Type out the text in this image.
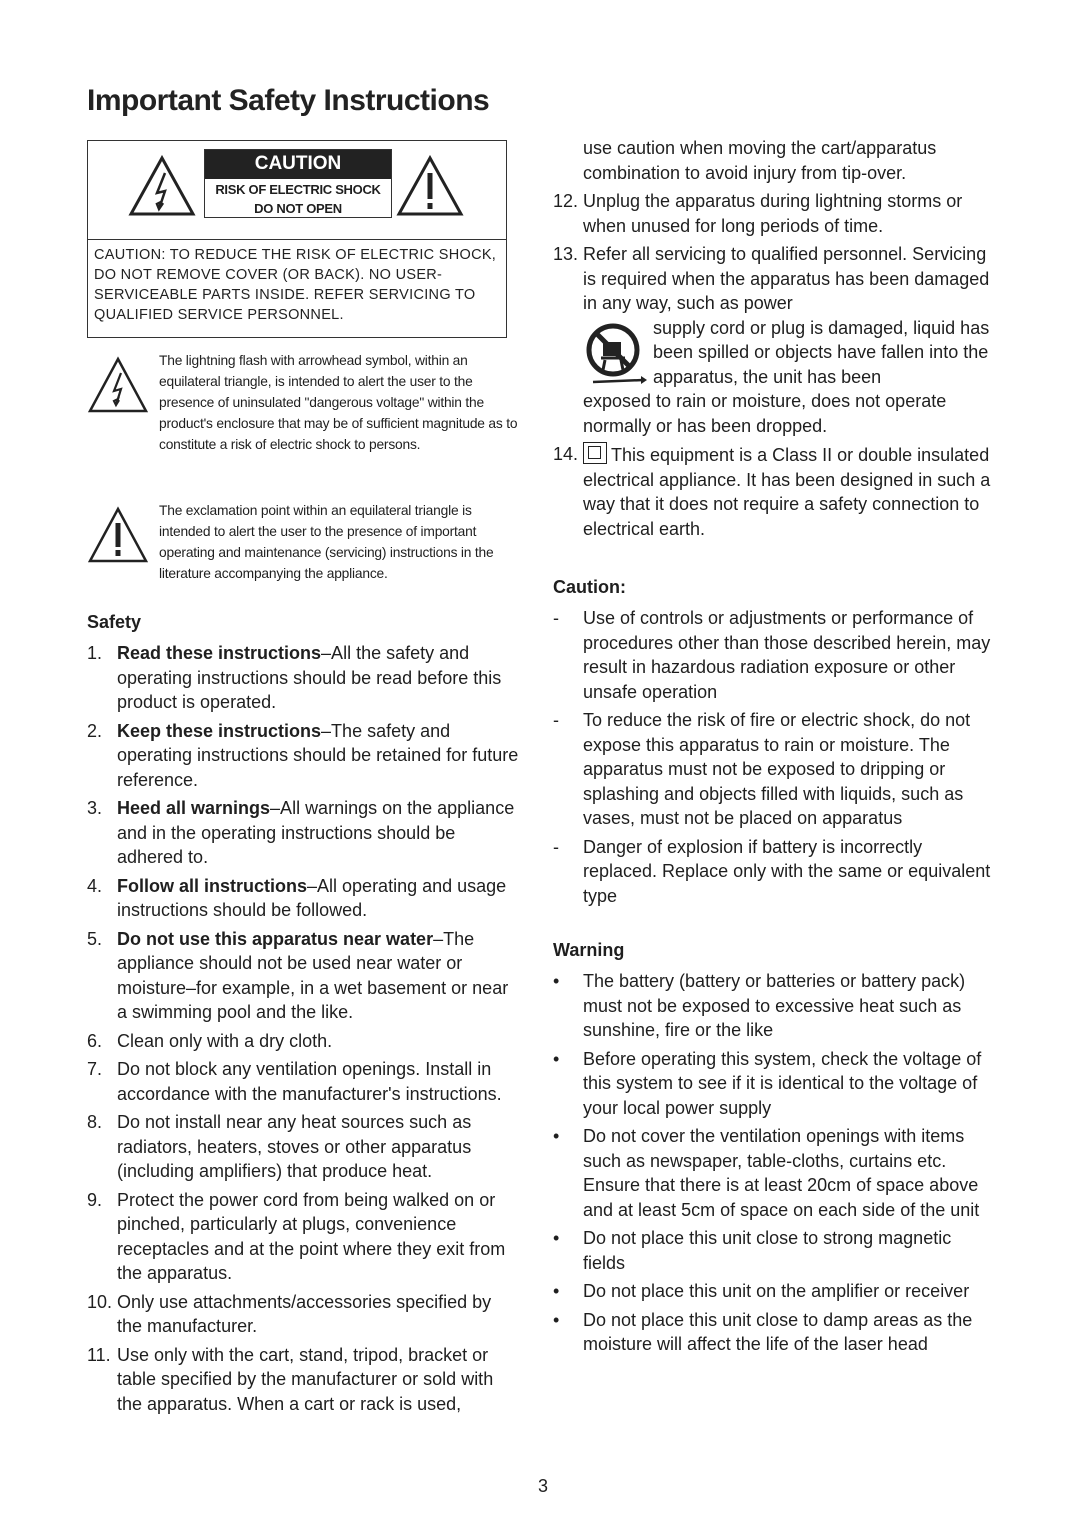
Important Safety Instructions
CAUTION
RISK OF ELECTRIC SHOCK
DO NOT OPEN
CAUTION: TO REDUCE THE RISK OF ELECTRIC SHOCK, DO NOT REMOVE COVER (OR BACK). NO USER-SERVICEABLE PARTS INSIDE. REFER SERVICING TO QUALIFIED SERVICE PERSONNEL.
The lightning flash with arrowhead symbol, within an equilateral triangle, is intended to alert the user to the presence of uninsulated "dangerous voltage" within the product's enclosure that may be of sufficient magnitude as to constitute a risk of electric shock to persons.
The exclamation point within an equilateral triangle is intended to alert the user to the presence of important operating and maintenance (servicing) instructions in the literature accompanying the appliance.
Safety
1. Read these instructions–All the safety and operating instructions should be read before this product is operated.
2. Keep these instructions–The safety and operating instructions should be retained for future reference.
3. Heed all warnings–All warnings on the appliance and in the operating instructions should be adhered to.
4. Follow all instructions–All operating and usage instructions should be followed.
5. Do not use this apparatus near water–The appliance should not be used near water or moisture–for example, in a wet basement or near a swimming pool and the like.
6. Clean only with a dry cloth.
7. Do not block any ventilation openings. Install in accordance with the manufacturer's instructions.
8. Do not install near any heat sources such as radiators, heaters, stoves or other apparatus (including amplifiers) that produce heat.
9. Protect the power cord from being walked on or pinched, particularly at plugs, convenience receptacles and at the point where they exit from the apparatus.
10. Only use attachments/accessories specified by the manufacturer.
11. Use only with the cart, stand, tripod, bracket or table specified by the manufacturer or sold with the apparatus. When a cart or rack is used,
use caution when moving the cart/apparatus combination to avoid injury from tip-over.
12. Unplug the apparatus during lightning storms or when unused for long periods of time.
13. Refer all servicing to qualified personnel. Servicing is required when the apparatus has been damaged in any way, such as power
supply cord or plug is damaged, liquid has been spilled or objects have fallen into the apparatus, the unit has been
exposed to rain or moisture, does not operate normally or has been dropped.
14. This equipment is a Class II or double insulated electrical appliance. It has been designed in such a way that it does not require a safety connection to electrical earth.
Caution:
- Use of controls or adjustments or performance of procedures other than those described herein, may result in hazardous radiation exposure or other unsafe operation
- To reduce the risk of fire or electric shock, do not expose this apparatus to rain or moisture. The apparatus must not be exposed to dripping or splashing and objects filled with liquids, such as vases, must not be placed on apparatus
- Danger of explosion if battery is incorrectly replaced. Replace only with the same or equivalent type
Warning
• The battery (battery or batteries or battery pack) must not be exposed to excessive heat such as sunshine, fire or the like
• Before operating this system, check the voltage of this system to see if it is identical to the voltage of your local power supply
• Do not cover the ventilation openings with items such as newspaper, table-cloths, curtains etc. Ensure that there is at least 20cm of space above and at least 5cm of space on each side of the unit
• Do not place this unit close to strong magnetic fields
• Do not place this unit on the amplifier or receiver
• Do not place this unit close to damp areas as the moisture will affect the life of the laser head
3
